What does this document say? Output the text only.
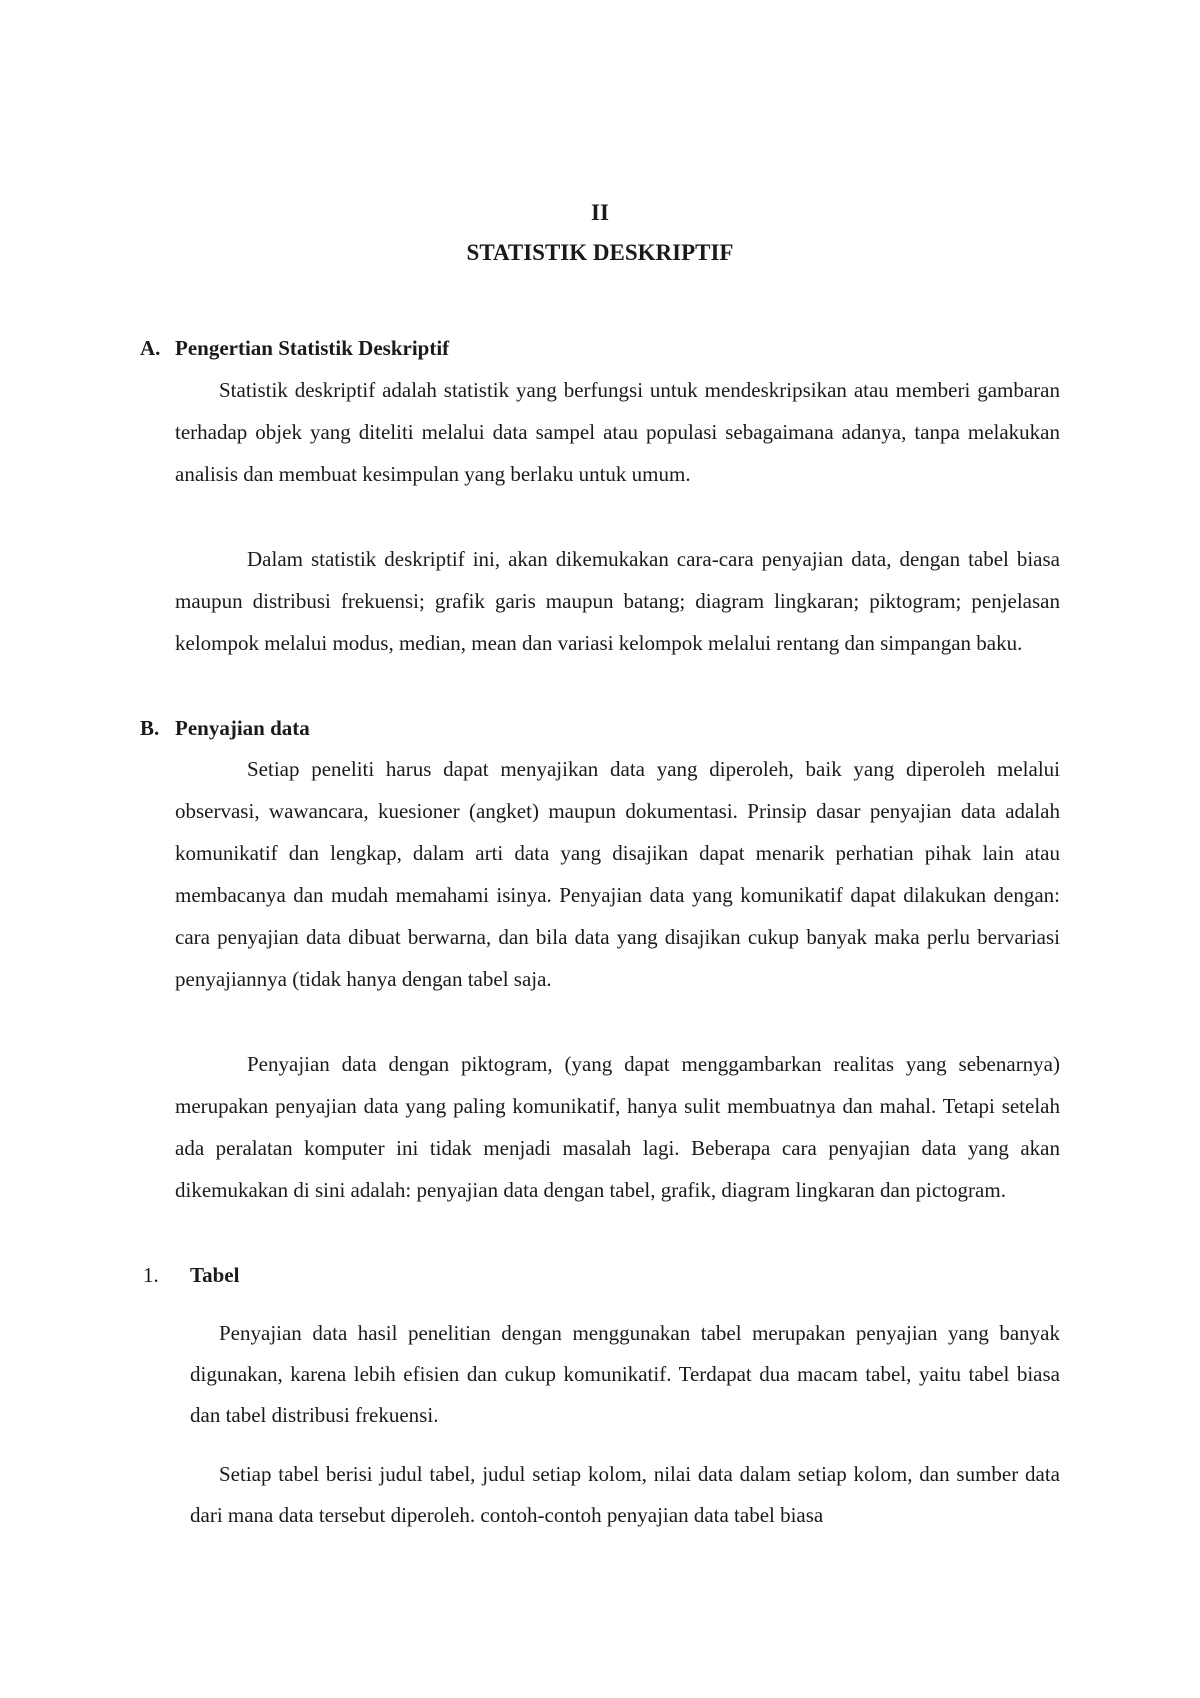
II
STATISTIK DESKRIPTIF
A. Pengertian Statistik Deskriptif

Statistik deskriptif adalah statistik yang berfungsi untuk mendeskripsikan atau memberi gambaran terhadap objek yang diteliti melalui data sampel atau populasi sebagaimana adanya, tanpa melakukan analisis dan membuat kesimpulan yang berlaku untuk umum.

Dalam statistik deskriptif ini, akan dikemukakan cara-cara penyajian data, dengan tabel biasa maupun distribusi frekuensi; grafik garis maupun batang; diagram lingkaran; piktogram; penjelasan kelompok melalui modus, median, mean dan variasi kelompok melalui rentang dan simpangan baku.

B. Penyajian data

Setiap peneliti harus dapat menyajikan data yang diperoleh, baik yang diperoleh melalui observasi, wawancara, kuesioner (angket) maupun dokumentasi. Prinsip dasar penyajian data adalah komunikatif dan lengkap, dalam arti data yang disajikan dapat menarik perhatian pihak lain atau membacanya dan mudah memahami isinya. Penyajian data yang komunikatif dapat dilakukan dengan: cara penyajian data dibuat berwarna, dan bila data yang disajikan cukup banyak maka perlu bervariasi penyajiannya (tidak hanya dengan tabel saja.

Penyajian data dengan piktogram, (yang dapat menggambarkan realitas yang sebenarnya) merupakan penyajian data yang paling komunikatif, hanya sulit membuatnya dan mahal. Tetapi setelah ada peralatan komputer ini tidak menjadi masalah lagi. Beberapa cara penyajian data yang akan dikemukakan di sini adalah: penyajian data dengan tabel, grafik, diagram lingkaran dan pictogram.

1. Tabel

Penyajian data hasil penelitian dengan menggunakan tabel merupakan penyajian yang banyak digunakan, karena lebih efisien dan cukup komunikatif. Terdapat dua macam tabel, yaitu tabel biasa dan tabel distribusi frekuensi.

Setiap tabel berisi judul tabel, judul setiap kolom, nilai data dalam setiap kolom, dan sumber data dari mana data tersebut diperoleh. contoh-contoh penyajian data tabel biasa
